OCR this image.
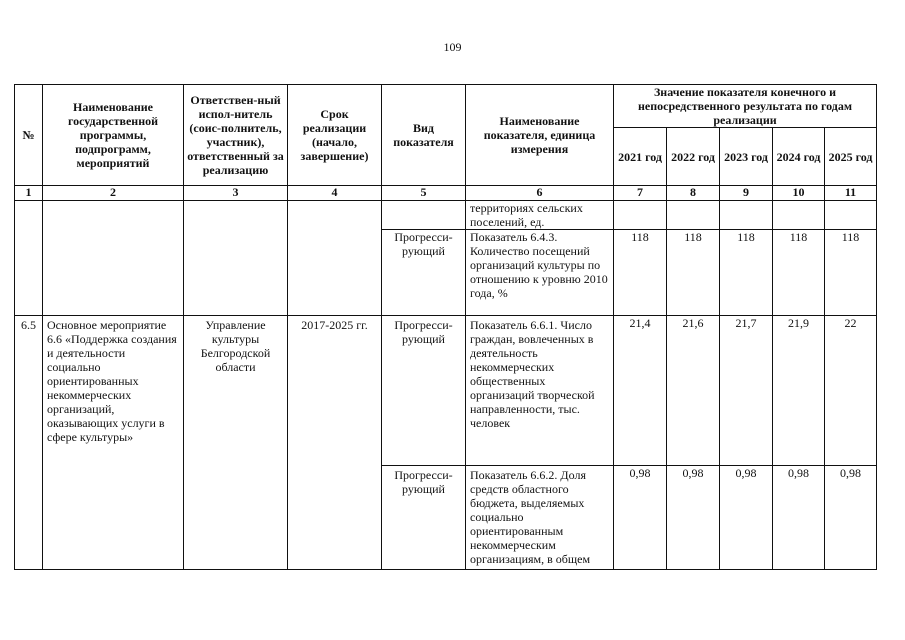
109
№	Наименование государственной программы, подпрограмм, мероприятий	Ответствен-ный испол-нитель (соис-полнитель, участник), ответственный за реализацию	Срок реализации (начало, завершение)	Вид показателя	Наименование показателя, единица измерения	Значение показателя конечного и непосредственного результата по годам реализации				
						2021 год	2022 год	2023 год	2024 год	2025 год
1	2	3	4	5	6	7	8	9	10	11
					территориях сельских поселений, ед.					
				Прогресси-рующий	Показатель 6.4.3. Количество посещений организаций культуры по отношению к уровню 2010 года, %	118	118	118	118	118
6.5	Основное мероприятие 6.6 «Поддержка создания и деятельности социально ориентированных некоммерческих организаций, оказывающих услуги в сфере культуры»	Управление культуры Белгородской области	2017-2025 гг.	Прогресси-рующий	Показатель 6.6.1. Число граждан, вовлеченных в деятельность некоммерческих общественных организаций творческой направленности, тыс. человек	21,4	21,6	21,7	21,9	22
				Прогресси-рующий	Показатель 6.6.2. Доля средств областного бюджета, выделяемых социально ориентированным некоммерческим организациям, в общем	0,98	0,98	0,98	0,98	0,98
